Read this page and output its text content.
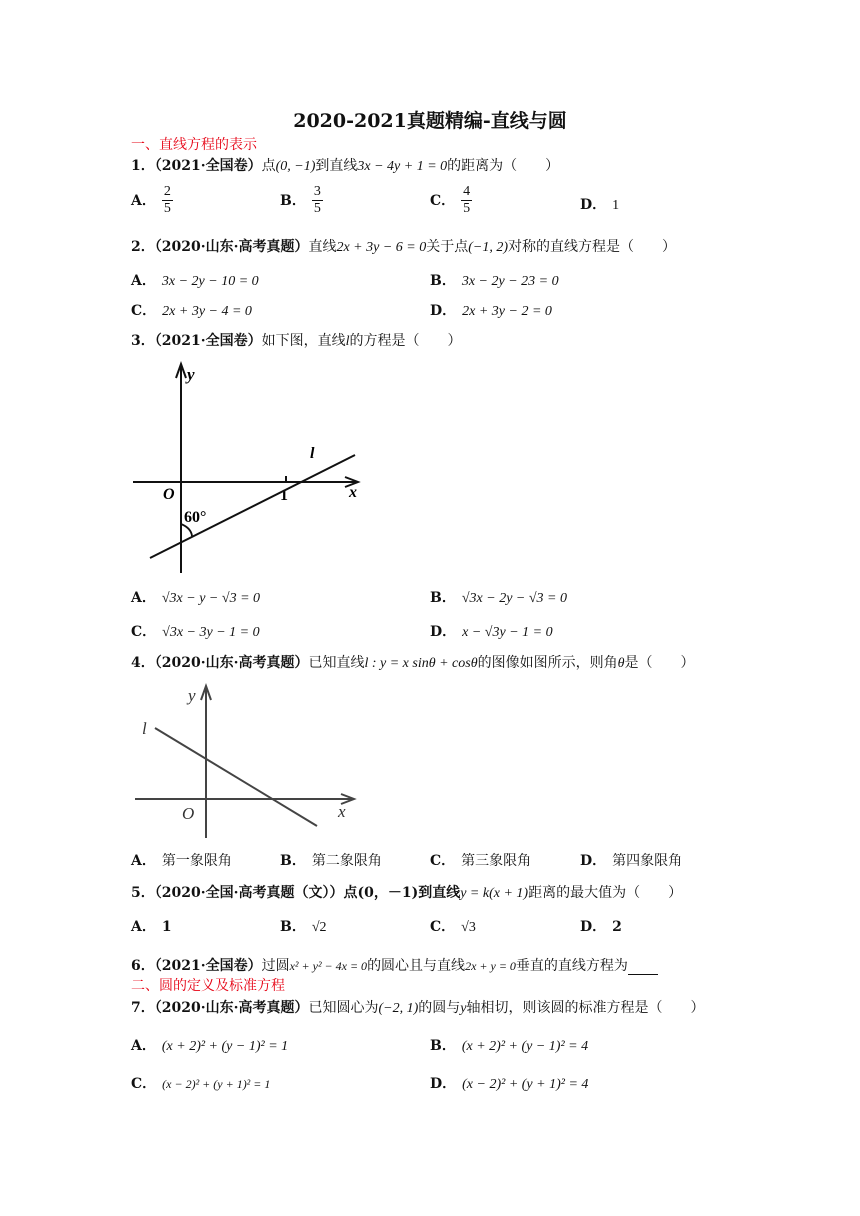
2020-2021真题精编-直线与圆
一、直线方程的表示
1．（2021·全国卷）点(0, −1)到直线3x − 4y + 1 = 0的距离为（　　）
A． $\frac{2}{5}$	B． $\frac{3}{5}$	C． $\frac{4}{5}$	D． 1
2．（2020·山东·高考真题）直线2x + 3y − 6 = 0关于点(−1, 2)对称的直线方程是（　　）
A． 3x − 2y − 10 = 0	B． 3x − 2y − 23 = 0
C． 2x + 3y − 4 = 0	D． 2x + 3y − 2 = 0
3．（2021·全国卷）如下图，直线l的方程是（　　）
y
x
O	1
l
60°
A． √3x − y − √3 = 0	B． √3x − 2y − √3 = 0
C． √3x − 3y − 1 = 0	D． x − √3y − 1 = 0
4．（2020·山东·高考真题）已知直线l : y = x sinθ + cosθ的图像如图所示，则角θ是（　　）
y
x
O
l
A． 第一象限角	B． 第二象限角	C． 第三象限角	D． 第四象限角
5．（2020·全国·高考真题（文））点(0，－1)到直线y = k(x + 1)距离的最大值为（　　）
A． 1	B． √2	C． √3	D． 2
6．（2021·全国卷）过圆x² + y² − 4x = 0的圆心且与直线2x + y = 0垂直的直线方程为
二、圆的定义及标准方程
7．（2020·山东·高考真题）已知圆心为(−2, 1)的圆与y轴相切，则该圆的标准方程是（　　）
A． (x + 2)² + (y − 1)² = 1	B． (x + 2)² + (y − 1)² = 4
C． (x − 2)² + (y + 1)² = 1	D． (x − 2)² + (y + 1)² = 4
